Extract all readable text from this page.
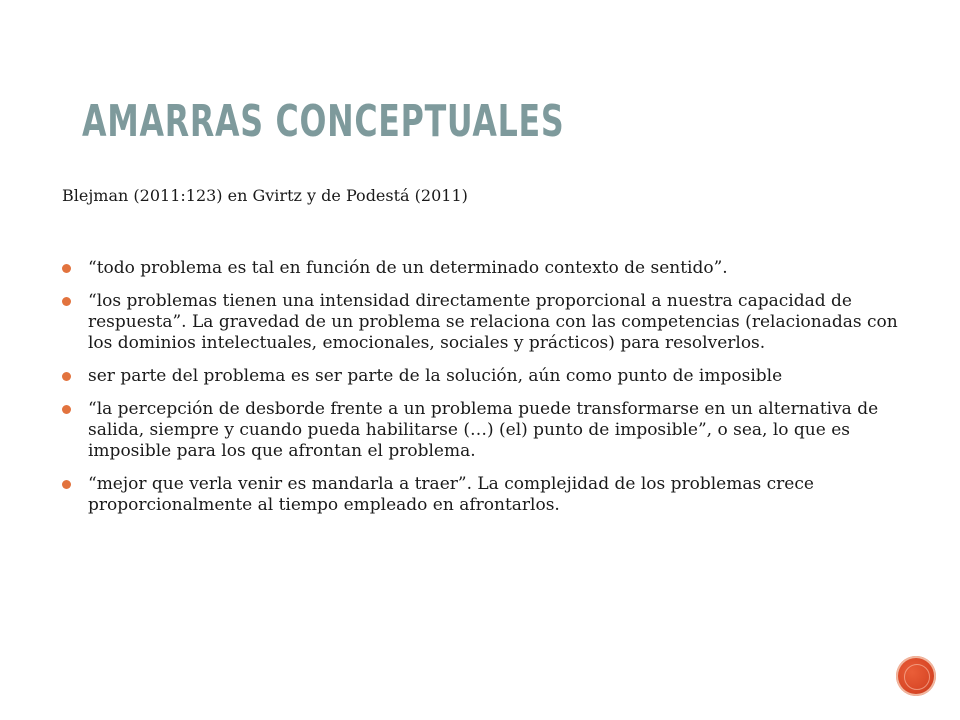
AMARRAS CONCEPTUALES

Blejman (2011:123) en Gvirtz y de Podestá (2011)

“todo problema es tal en función de un determinado contexto de sentido”.
“los problemas tienen una intensidad directamente proporcional a nuestra capacidad de respuesta”. La gravedad de un problema se relaciona con las competencias (relacionadas con los dominios intelectuales, emocionales, sociales y prácticos) para resolverlos.
ser parte del problema es ser parte de la solución, aún como punto de imposible
“la percepción de desborde frente a un problema puede transformarse en un alternativa de salida, siempre y cuando pueda habilitarse (…) (el) punto de imposible”, o sea, lo que es imposible para los que afrontan el problema.
“mejor que verla venir es mandarla a traer”. La complejidad de los problemas crece proporcionalmente al tiempo empleado en afrontarlos.
